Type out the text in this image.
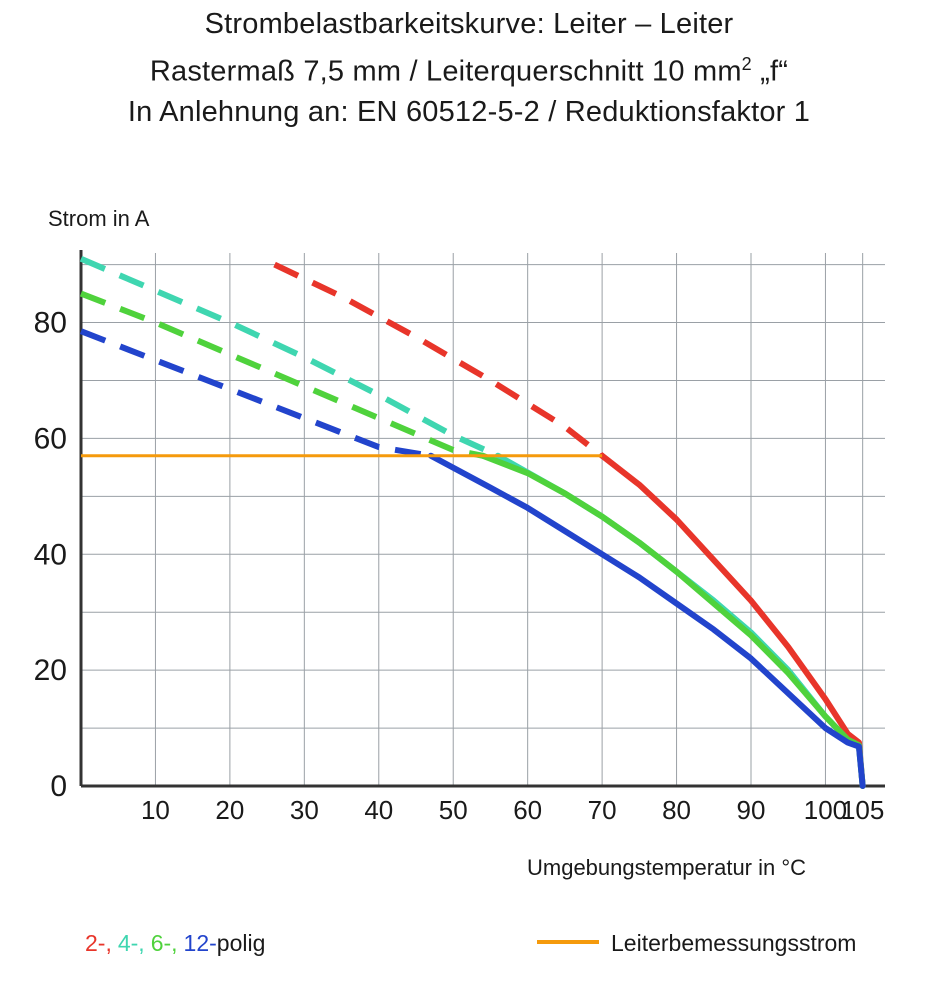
Strombelastbarkeitskurve: Leiter – Leiter
Rastermaß 7,5 mm / Leiterquerschnitt 10 $mm^2$ „f“
In Anlehnung an: EN 60512-5-2 / Reduktionsfaktor 1
Strom in A
Umgebungstemperatur in °C
10 20 30 40 50 60 70 80 90 100
105
0
20
40
60
80
2-, 4-, 6-, 12-polig	Leiterbemessungsstrom
